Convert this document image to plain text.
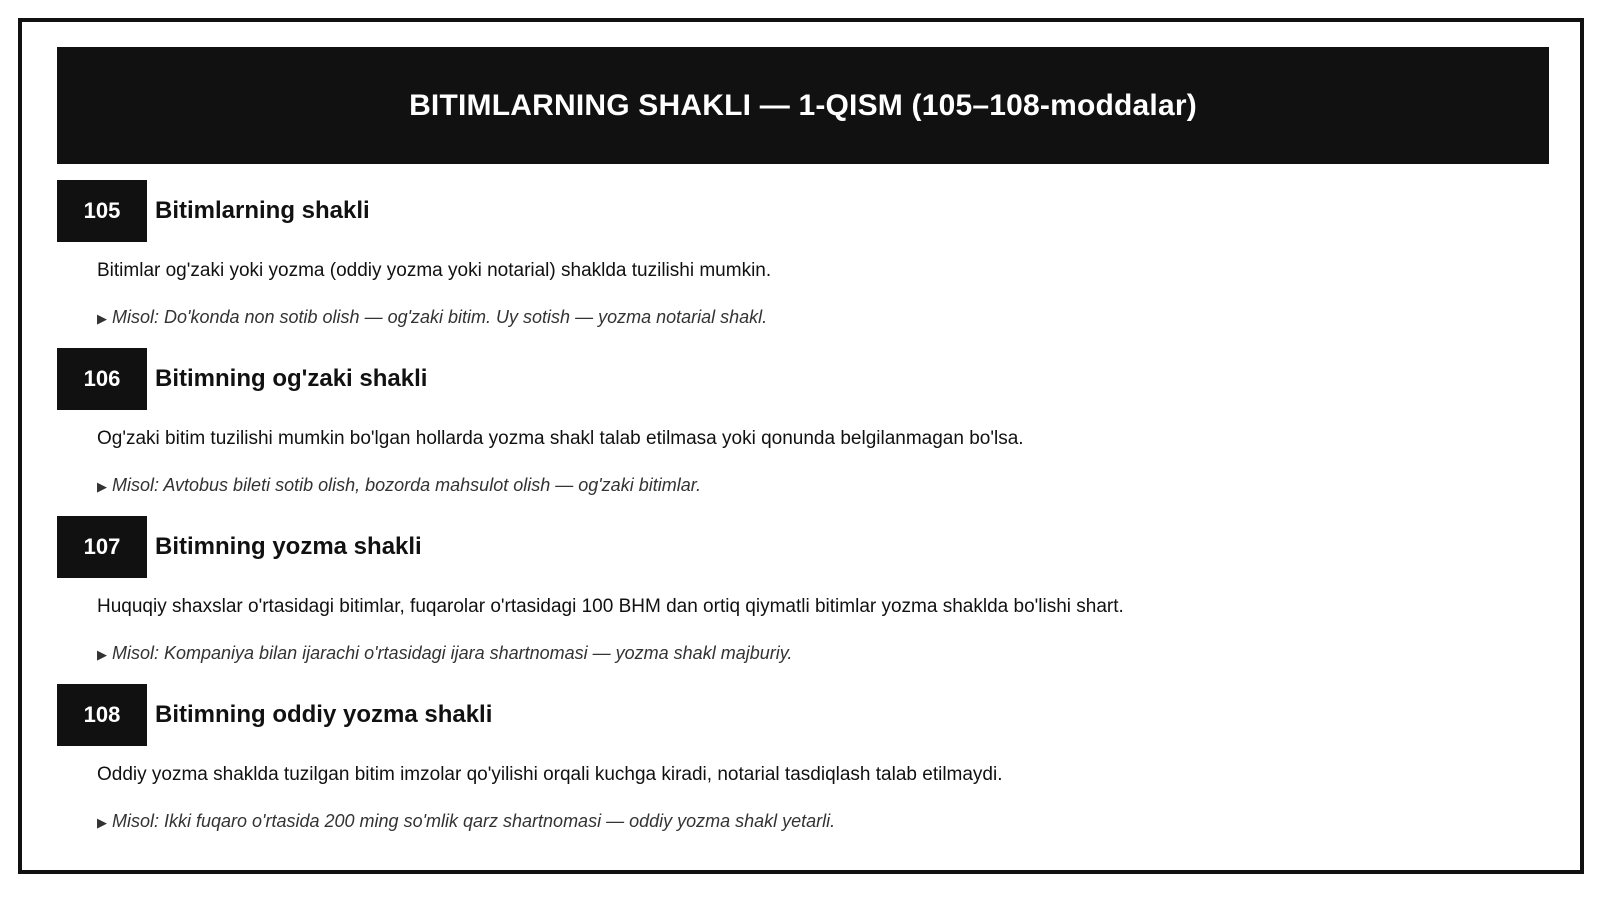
BITIMLARNING SHAKLI — 1-QISM (105–108-moddalar)
105	Bitimlarning shakli
Bitimlar og'zaki yoki yozma (oddiy yozma yoki notarial) shaklda tuzilishi mumkin.
▶ Misol: Do'konda non sotib olish — og'zaki bitim. Uy sotish — yozma notarial shakl.
106	Bitimning og'zaki shakli
Og'zaki bitim tuzilishi mumkin bo'lgan hollarda yozma shakl talab etilmasa yoki qonunda belgilanmagan bo'lsa.
▶ Misol: Avtobus bileti sotib olish, bozorda mahsulot olish — og'zaki bitimlar.
107	Bitimning yozma shakli
Huquqiy shaxslar o'rtasidagi bitimlar, fuqarolar o'rtasidagi 100 BHM dan ortiq qiymatli bitimlar yozma shaklda bo'lishi shart.
▶ Misol: Kompaniya bilan ijarachi o'rtasidagi ijara shartnomasi — yozma shakl majburiy.
108	Bitimning oddiy yozma shakli
Oddiy yozma shaklda tuzilgan bitim imzolar qo'yilishi orqali kuchga kiradi, notarial tasdiqlash talab etilmaydi.
▶ Misol: Ikki fuqaro o'rtasida 200 ming so'mlik qarz shartnomasi — oddiy yozma shakl yetarli.
